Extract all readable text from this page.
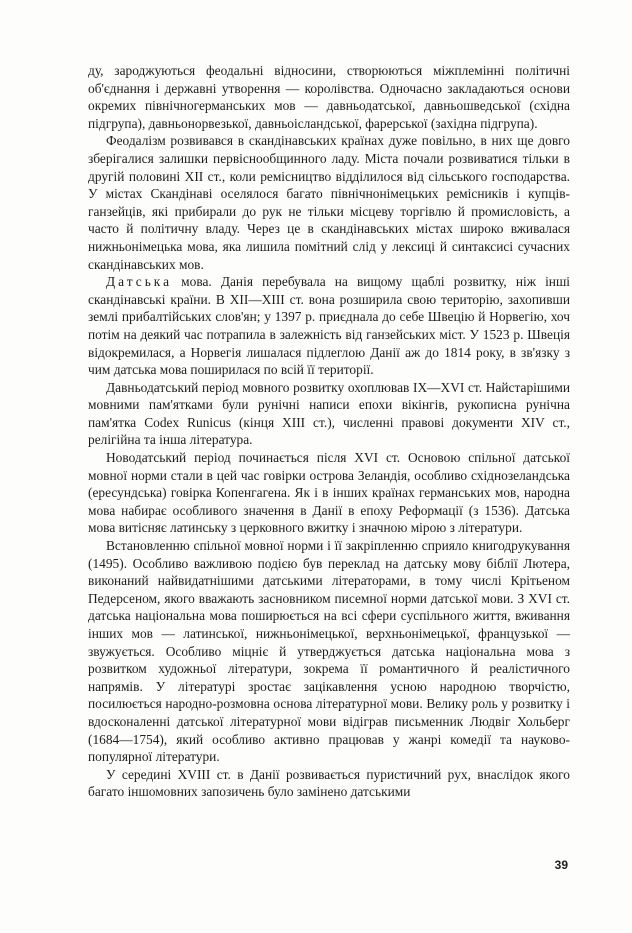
ду, зароджуються феодальні відносини, створюються міжплемінні політичні об'єднання і державні утворення — королівства. Одночасно закладаються основи окремих північногерманських мов — давньодатської, давньошведської (східна підгрупа), давньонорвезької, давньоісландської, фарерської (західна підгрупа).

Феодалізм розвивався в скандінавських країнах дуже повільно, в них ще довго зберігалися залишки первіснообщинного ладу. Міста почали розвиватися тільки в другій половині XII ст., коли ремісництво відділилося від сільського господарства. У містах Скандінаві оселялося багато північнонімецьких ремісників і купців-ганзейців, які прибирали до рук не тільки місцеву торгівлю й промисловість, а часто й політичну владу. Через це в скандінавських містах широко вживалася нижньонімецька мова, яка лишила помітний слід у лексиці й синтаксисі сучасних скандінавських мов.

Датська мова. Данія перебувала на вищому щаблі розвитку, ніж інші скандінавські країни. В XII—XIII ст. вона розширила свою територію, захопивши землі прибалтійських слов'ян; у 1397 р. приєднала до себе Швецію й Норвегію, хоч потім на деякий час потрапила в залежність від ганзейських міст. У 1523 р. Швеція відокремилася, а Норвегія лишалася підлеглою Данії аж до 1814 року, в зв'язку з чим датська мова поширилася по всій її території.

Давньодатський період мовного розвитку охоплював IX—XVI ст. Найстарішими мовними пам'ятками були рунічні написи епохи вікінгів, рукописна рунічна пам'ятка Codex Runicus (кінця XIII ст.), численні правові документи XIV ст., релігійна та інша література.

Новодатський період починається після XVI ст. Основою спільної датської мовної норми стали в цей час говірки острова Зеландія, особливо східнозеландська (ересундська) говірка Копенгагена. Як і в інших країнах германських мов, народна мова набирає особливого значення в Данії в епоху Реформації (з 1536). Датська мова витісняє латинську з церковного вжитку і значною мірою з літератури.

Встановленню спільної мовної норми і її закріпленню сприяло книгодрукування (1495). Особливо важливою подією був переклад на датську мову біблії Лютера, виконаний найвидатнішими датськими літераторами, в тому числі Крітьеном Педерсеном, якого вважають засновником писемної норми датської мови. З XVI ст. датська національна мова поширюється на всі сфери суспільного життя, вживання інших мов — латинської, нижньонімецької, верхньонімецької, французької — звужується. Особливо міцніє й утверджується датська національна мова з розвитком художньої літератури, зокрема її романтичного й реалістичного напрямів. У літературі зростає зацікавлення усною народною творчістю, посилюється народно-розмовна основа літературної мови. Велику роль у розвитку і вдосконаленні датської літературної мови відіграв письменник Людвіг Хольберг (1684—1754), який особливо активно працював у жанрі комедії та науково-популярної літератури.

У середині XVIII ст. в Данії розвивається пуристичний рух, внаслідок якого багато іншомовних запозичень було замінено датськими

39
